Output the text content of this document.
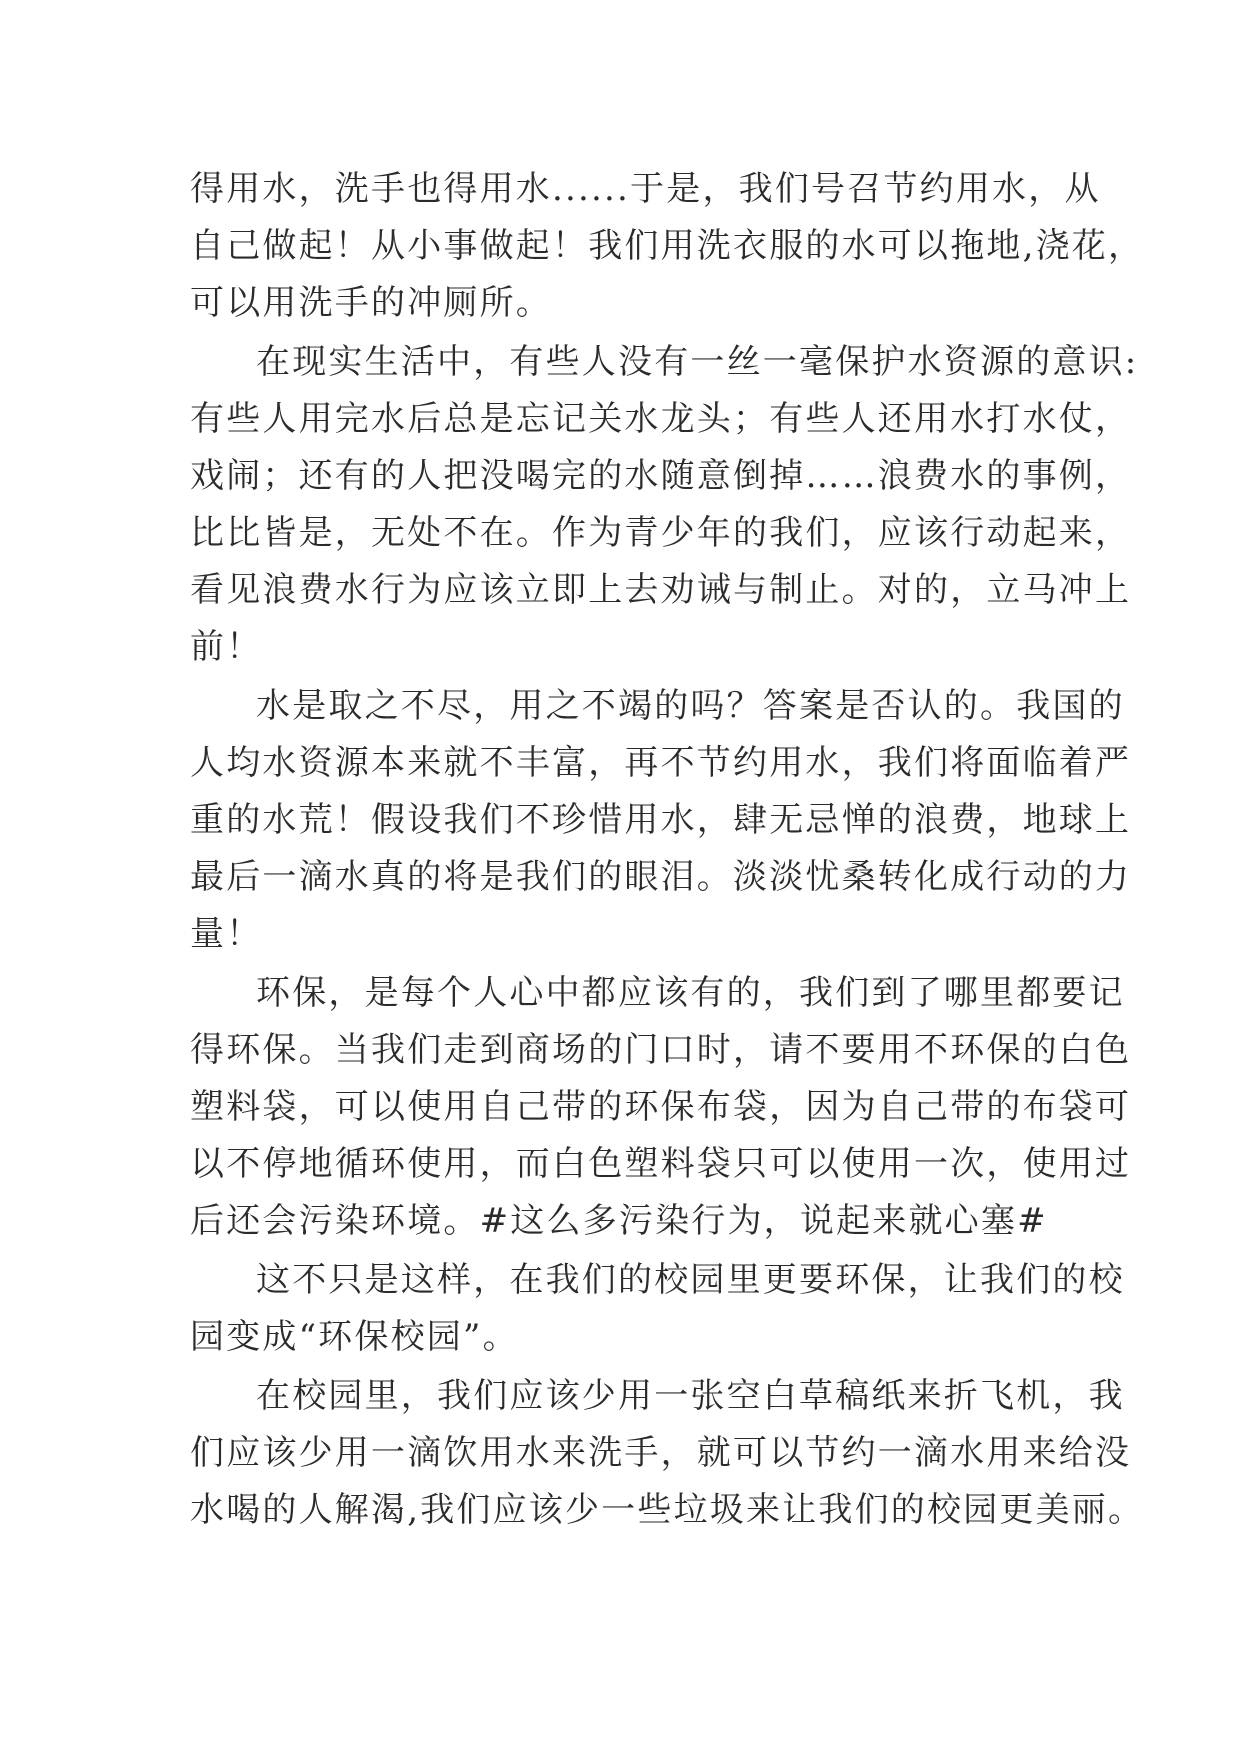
得用水，洗手也得用水......于是，我们号召节约用水，从
自己做起！从小事做起！我们用洗衣服的水可以拖地,浇花，
可以用洗手的冲厕所。
在现实生活中，有些人没有一丝一毫保护水资源的意识:
有些人用完水后总是忘记关水龙头；有些人还用水打水仗，
戏闹；还有的人把没喝完的水随意倒掉……浪费水的事例，
比比皆是，无处不在。作为青少年的我们，应该行动起来，
看见浪费水行为应该立即上去劝诫与制止。对的，立马冲上
前！
水是取之不尽，用之不竭的吗？答案是否认的。我国的
人均水资源本来就不丰富，再不节约用水，我们将面临着严
重的水荒！假设我们不珍惜用水，肆无忌惮的浪费，地球上
最后一滴水真的将是我们的眼泪。淡淡忧桑转化成行动的力
量！
环保，是每个人心中都应该有的，我们到了哪里都要记
得环保。当我们走到商场的门口时，请不要用不环保的白色
塑料袋，可以使用自己带的环保布袋，因为自己带的布袋可
以不停地循环使用，而白色塑料袋只可以使用一次，使用过
后还会污染环境。#这么多污染行为，说起来就心塞#
这不只是这样，在我们的校园里更要环保，让我们的校
园变成“环保校园”。
在校园里，我们应该少用一张空白草稿纸来折飞机，我
们应该少用一滴饮用水来洗手，就可以节约一滴水用来给没
水喝的人解渴,我们应该少一些垃圾来让我们的校园更美丽。
